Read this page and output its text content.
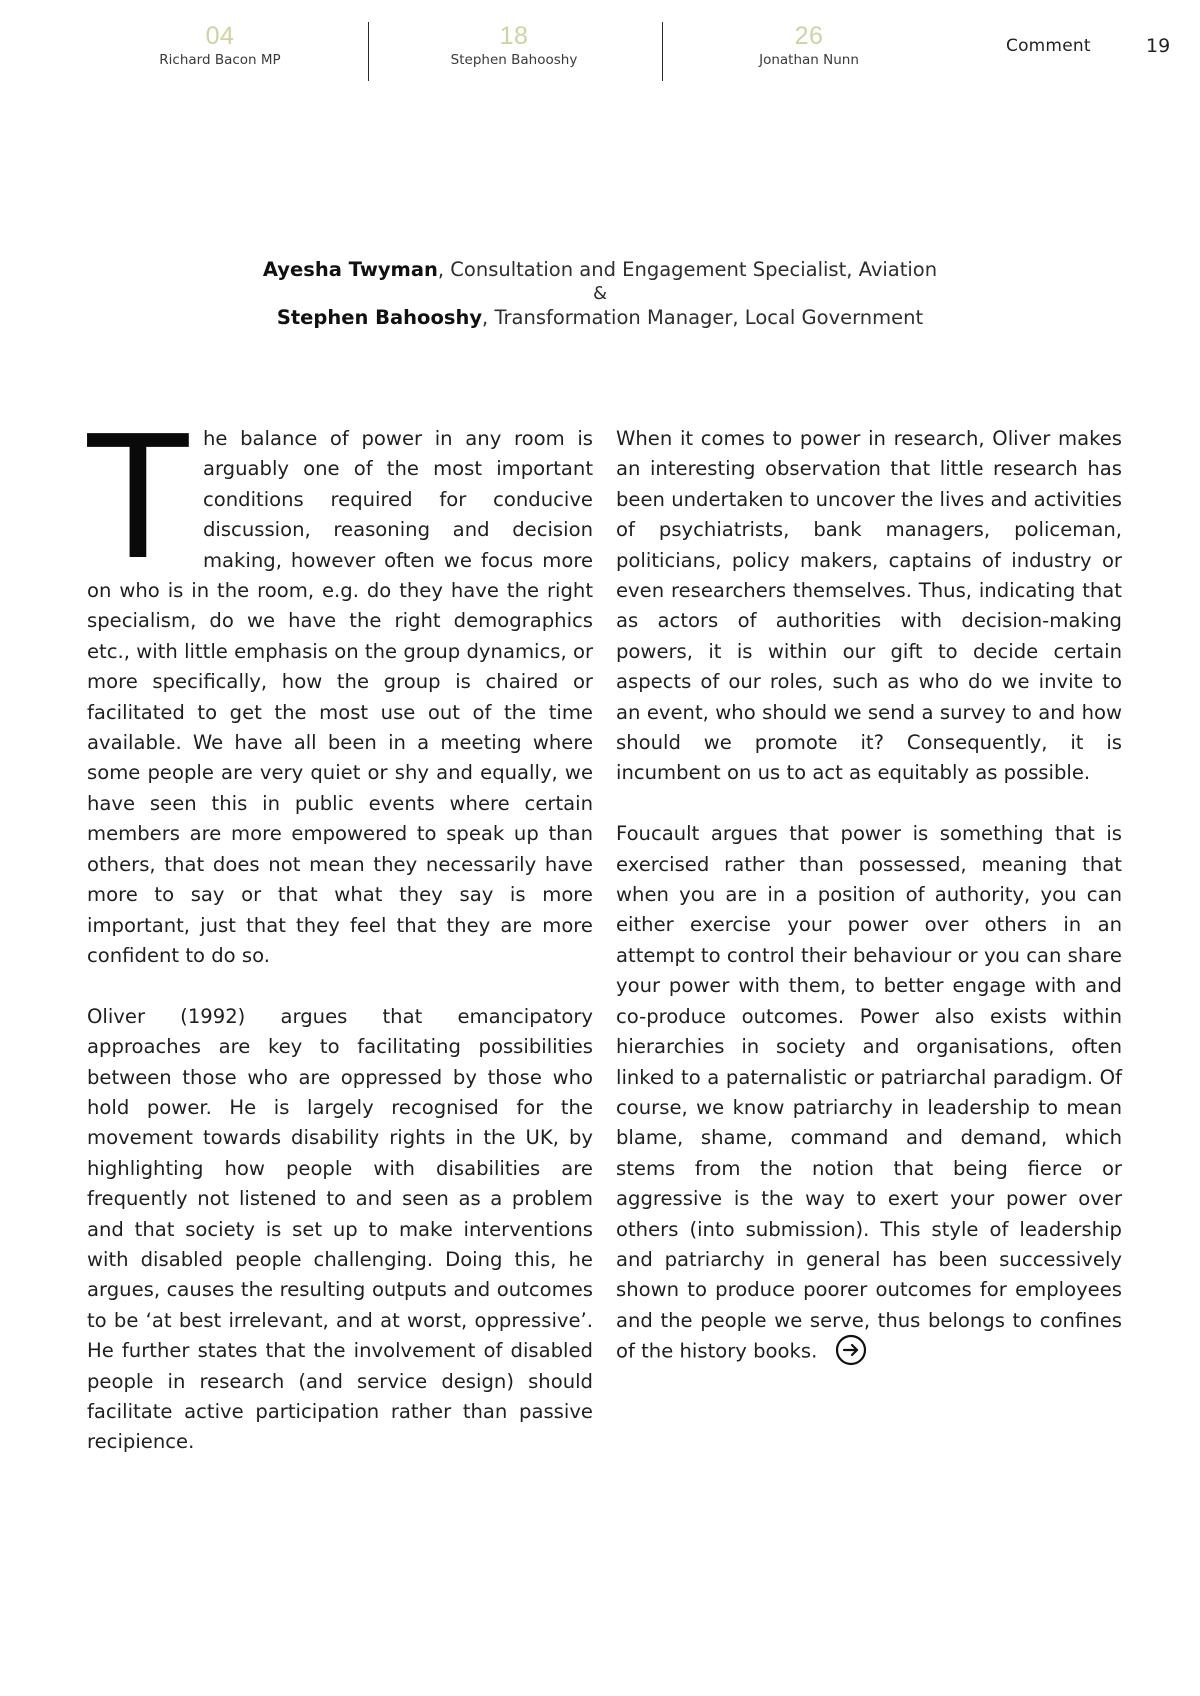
04
Richard Bacon MP
18
Stephen Bahooshy
26
Jonathan Nunn
Comment	19
Ayesha Twyman, Consultation and Engagement Specialist, Aviation
&
Stephen Bahooshy, Transformation Manager, Local Government

The balance of power in any room is arguably one of the most important conditions required for conducive discussion, reasoning and decision making, however often we focus more on who is in the room, e.g. do they have the right specialism, do we have the right demographics etc., with little emphasis on the group dynamics, or more specifically, how the group is chaired or facilitated to get the most use out of the time available. We have all been in a meeting where some people are very quiet or shy and equally, we have seen this in public events where certain members are more empowered to speak up than others, that does not mean they necessarily have more to say or that what they say is more important, just that they feel that they are more confident to do so.

Oliver (1992) argues that emancipatory approaches are key to facilitating possibilities between those who are oppressed by those who hold power. He is largely recognised for the movement towards disability rights in the UK, by highlighting how people with disabilities are frequently not listened to and seen as a problem and that society is set up to make interventions with disabled people challenging. Doing this, he argues, causes the resulting outputs and outcomes to be ‘at best irrelevant, and at worst, oppressive’. He further states that the involvement of disabled people in research (and service design) should facilitate active participation rather than passive recipience.

When it comes to power in research, Oliver makes an interesting observation that little research has been undertaken to uncover the lives and activities of psychiatrists, bank managers, policeman, politicians, policy makers, captains of industry or even researchers themselves. Thus, indicating that as actors of authorities with decision-making powers, it is within our gift to decide certain aspects of our roles, such as who do we invite to an event, who should we send a survey to and how should we promote it? Consequently, it is incumbent on us to act as equitably as possible.

Foucault argues that power is something that is exercised rather than possessed, meaning that when you are in a position of authority, you can either exercise your power over others in an attempt to control their behaviour or you can share your power with them, to better engage with and co-produce outcomes. Power also exists within hierarchies in society and organisations, often linked to a paternalistic or patriarchal paradigm. Of course, we know patriarchy in leadership to mean blame, shame, command and demand, which stems from the notion that being fierce or aggressive is the way to exert your power over others (into submission). This style of leadership and patriarchy in general has been successively shown to produce poorer outcomes for employees and the people we serve, thus belongs to confines of the history books.
